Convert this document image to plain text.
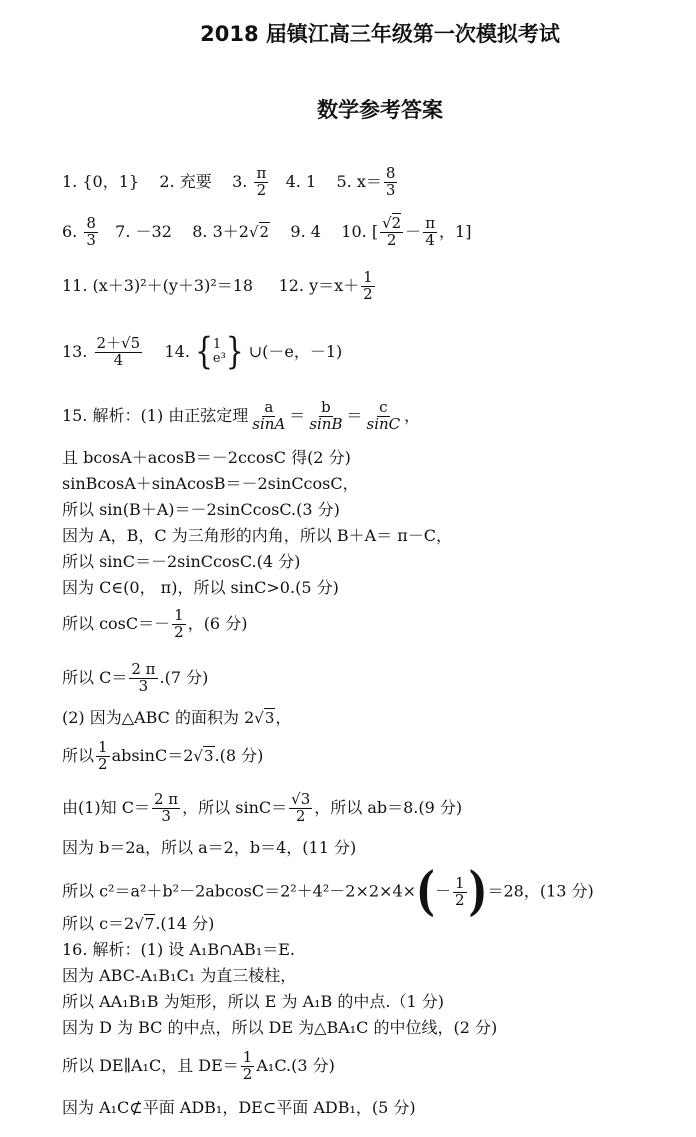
2018 届镇江高三年级第一次模拟考试
数学参考答案
1. {0，1} 2. 充要 3. $\frac{\pi}{2} 4$. 1 5. $x= \frac{8}{3}$
6. $\frac{8}{3} 7$. －32 8. 3＋2√2 9. 4 10. [ $\frac{√2}{2} - \frac{\pi}{4}$ ，1]
11. (x＋3)²＋(y＋3)²＝18 12. $y=x+ \frac{1}{2}$
13. $\frac{2+√5}{4} 14$. { 1
e³ } ∪(－e，－1)
15. 解析：(1) 由正弦定理 $\frac{a}{\sin A} = \frac{b}{\sin B} = \frac{c}{\sin C}$ ，
且 bcosA＋acosB＝－2ccosC 得(2 分)
sinBcosA＋sinAcosB＝－2sinCcosC，
所以 sin(B＋A)＝－2sinCcosC.(3 分)
因为 A，B，C 为三角形的内角，所以 B＋A＝ π－C，
所以 sinC＝－2sinCcosC.(4 分)
因为 C∈(0， π)，所以 sinC>0.(5 分)
所以 $\cos C=- \frac{1}{2}$ ，(6 分)
所以 $C= \frac{2 \pi}{3} .(7$ 分)
(2) 因为△ABC 的面积为 2√3，
所以 $\frac{1}{2} absinC=2√3.(8$ 分)
由(1)知 $C= \frac{2 \pi}{3}$ ，所以 $\sin C= \frac{√3}{2}$ ，所以 ab＝8.(9 分)
因为 b＝2a，所以 a＝2，b＝4，(11 分)
所以 $c^2=a^2+b^2-2abcosC=2^2+4^2-2\times 2\times 4\times(- \frac{1}{2} )=28$，(13 分)
所以 c＝2√7.(14 分)
16. 解析：(1) 设 A₁B∩AB₁＝E.
因为 ABC-A₁B₁C₁ 为直三棱柱，
所以 AA₁B₁B 为矩形，所以 E 为 A₁B 的中点.（1 分)
因为 D 为 BC 的中点，所以 DE 为△BA₁C 的中位线，(2 分)
所以 DE∥A₁C，且 $DE= \frac{1}{2} A_1C.(3$ 分)
因为 A₁C⊄平面 ADB₁，DE⊂平面 ADB₁，(5 分)
